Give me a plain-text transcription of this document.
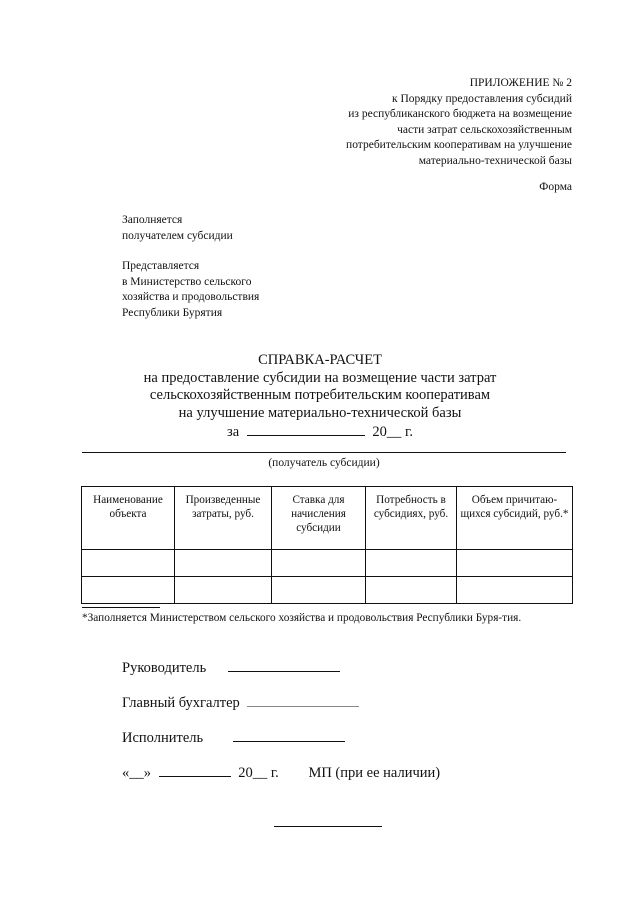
ПРИЛОЖЕНИЕ № 2
к Порядку предоставления субсидий
из республиканского бюджета на возмещение
части затрат сельскохозяйственным
потребительским кооперативам на улучшение
материально-технической базы
Форма
Заполняется
получателем субсидии
Представляется
в Министерство сельского
хозяйства и продовольствия
Республики Бурятия
СПРАВКА-РАСЧЕТ
на предоставление субсидии на возмещение части затрат
сельскохозяйственным потребительским кооперативам
на улучшение материально-технической базы
за	20__ г.
(получатель субсидии)
Наименование объекта	Произведенные затраты, руб.	Ставка для начисления субсидии	Потребность в субсидиях, руб.	Объем причитаю-щихся субсидий, руб.*

*Заполняется Министерством сельского хозяйства и продовольствия Республики Буря-тия.
Руководитель
Главный бухгалтер
Исполнитель
«__»	20__ г. МП (при ее наличии)
